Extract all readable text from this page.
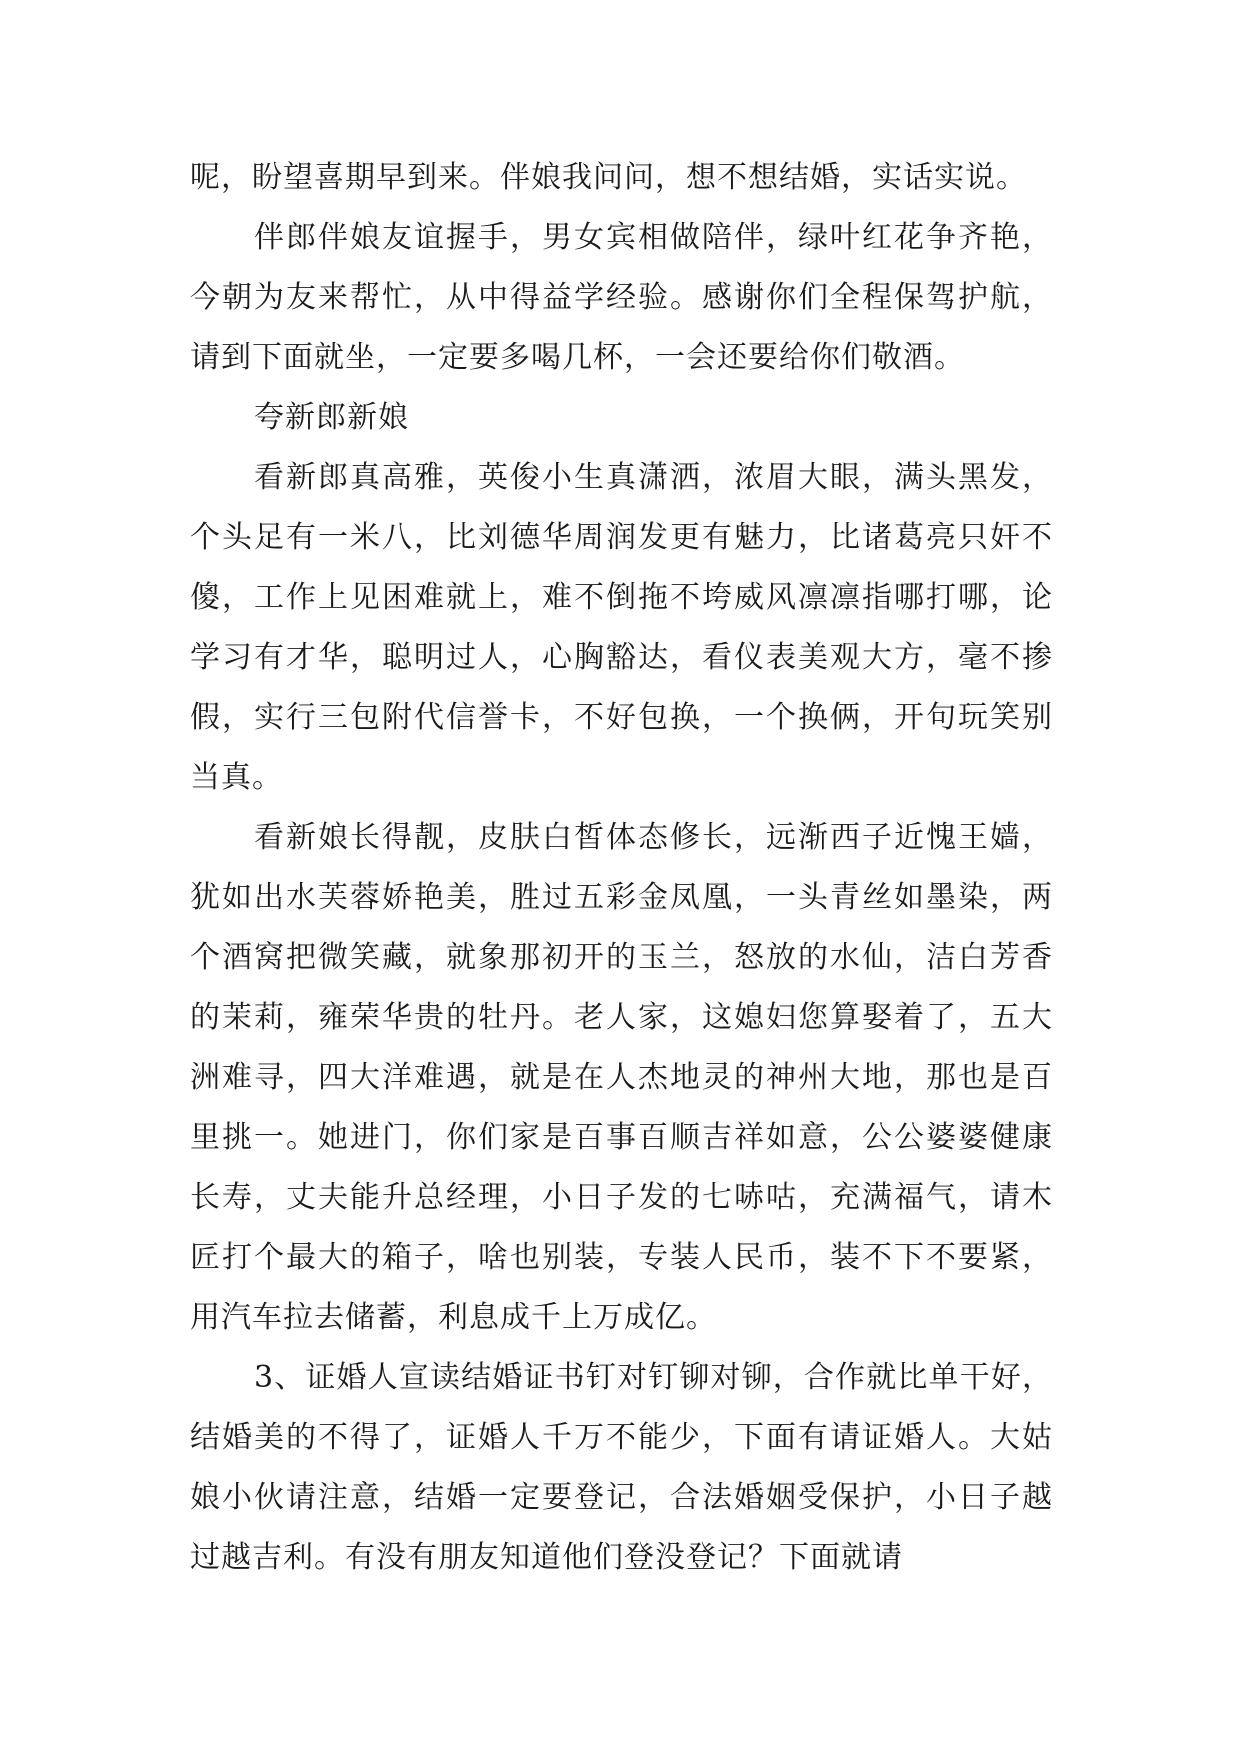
呢，盼望喜期早到来。伴娘我问问，想不想结婚，实话实说。

伴郎伴娘友谊握手，男女宾相做陪伴，绿叶红花争齐艳，今朝为友来帮忙，从中得益学经验。感谢你们全程保驾护航，请到下面就坐，一定要多喝几杯，一会还要给你们敬酒。

夸新郎新娘

看新郎真高雅，英俊小生真潇洒，浓眉大眼，满头黑发，个头足有一米八，比刘德华周润发更有魅力，比诸葛亮只奸不傻，工作上见困难就上，难不倒拖不垮威风凛凛指哪打哪，论学习有才华，聪明过人，心胸豁达，看仪表美观大方，毫不掺假，实行三包附代信誉卡，不好包换，一个换俩，开句玩笑别当真。

看新娘长得靓，皮肤白皙体态修长，远渐西子近愧王嫱，犹如出水芙蓉娇艳美，胜过五彩金凤凰，一头青丝如墨染，两个酒窝把微笑藏，就象那初开的玉兰，怒放的水仙，洁白芳香的茉莉，雍荣华贵的牡丹。老人家，这媳妇您算娶着了，五大洲难寻，四大洋难遇，就是在人杰地灵的神州大地，那也是百里挑一。她进门，你们家是百事百顺吉祥如意，公公婆婆健康长寿，丈夫能升总经理，小日子发的七哧咕，充满福气，请木匠打个最大的箱子，啥也别装，专装人民币，装不下不要紧，用汽车拉去储蓄，利息成千上万成亿。

3、证婚人宣读结婚证书钉对钉铆对铆，合作就比单干好，结婚美的不得了，证婚人千万不能少，下面有请证婚人。大姑娘小伙请注意，结婚一定要登记，合法婚姻受保护，小日子越过越吉利。有没有朋友知道他们登没登记？下面就请
